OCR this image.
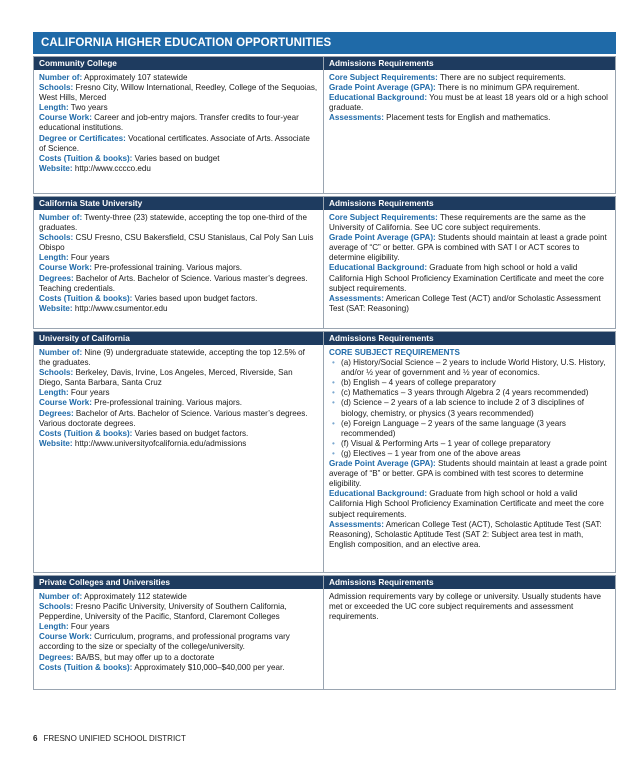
CALIFORNIA HIGHER EDUCATION OPPORTUNITIES
Community College

Number of: Approximately 107 statewide

Schools: Fresno City, Willow International, Reedley, College of the Sequoias, West Hills, Merced

Length: Two years

Course Work: Career and job-entry majors. Transfer credits to four-year educational institutions.

Degree or Certificates: Vocational certificates. Associate of Arts. Associate of Science.

Costs (Tuition & books): Varies based on budget

Website: http://www.cccco.edu

Admissions Requirements

Core Subject Requirements: There are no subject requirements.

Grade Point Average (GPA): There is no minimum GPA requirement.

Educational Background: You must be at least 18 years old or a high school graduate.

Assessments: Placement tests for English and mathematics.

California State University

Number of: Twenty-three (23) statewide, accepting the top one-third of the graduates.

Schools: CSU Fresno, CSU Bakersfield, CSU Stanislaus, Cal Poly San Luis Obispo

Length: Four years

Course Work: Pre-professional training. Various majors.

Degrees: Bachelor of Arts. Bachelor of Science. Various master’s degrees. Teaching credentials.

Costs (Tuition & books): Varies based upon budget factors.

Website: http://www.csumentor.edu

Admissions Requirements

Core Subject Requirements: These requirements are the same as the University of California. See UC core subject requirements.

Grade Point Average (GPA): Students should maintain at least a grade point average of “C” or better. GPA is combined with SAT I or ACT scores to determine eligibility.

Educational Background: Graduate from high school or hold a valid California High School Proficiency Examination Certificate and meet the core subject requirements.

Assessments: American College Test (ACT) and/or Scholastic Assessment Test (SAT: Reasoning)

University of California

Number of: Nine (9) undergraduate statewide, accepting the top 12.5% of the graduates.

Schools: Berkeley, Davis, Irvine, Los Angeles, Merced, Riverside, San Diego, Santa Barbara, Santa Cruz

Length: Four years

Course Work: Pre-professional training. Various majors.

Degrees: Bachelor of Arts. Bachelor of Science. Various master’s degrees. Various doctorate degrees.

Costs (Tuition & books): Varies based on budget factors.

Website: http://www.universityofcalifornia.edu/admissions

Admissions Requirements

CORE SUBJECT REQUIREMENTS

• (a) History/Social Science – 2 years to include World History, U.S. History, and/or ½ year of government and ½ year of economics.
• (b) English – 4 years of college preparatory
• (c) Mathematics – 3 years through Algebra 2 (4 years recommended)
• (d) Science – 2 years of a lab science to include 2 of 3 disciplines of biology, chemistry, or physics (3 years recommended)
• (e) Foreign Language – 2 years of the same language (3 years recommended)
• (f) Visual & Performing Arts – 1 year of college preparatory
• (g) Electives – 1 year from one of the above areas

Grade Point Average (GPA): Students should maintain at least a grade point average of “B” or better. GPA is combined with test scores to determine eligibility.

Educational Background: Graduate from high school or hold a valid California High School Proficiency Examination Certificate and meet the core subject requirements.

Assessments: American College Test (ACT), Scholastic Aptitude Test (SAT: Reasoning), Scholastic Aptitude Test (SAT 2: Subject area test in math, English composition, and an elective area.

Private Colleges and Universities

Number of: Approximately 112 statewide

Schools: Fresno Pacific University, University of Southern California, Pepperdine, University of the Pacific, Stanford, Claremont Colleges

Length: Four years

Course Work: Curriculum, programs, and professional programs vary according to the size or specialty of the college/university.

Degrees: BA/BS, but may offer up to a doctorate

Costs (Tuition & books): Approximately $10,000–$40,000 per year.

Admissions Requirements

Admission requirements vary by college or university. Usually students have met or exceeded the UC core subject requirements and assessment requirements.

6 FRESNO UNIFIED SCHOOL DISTRICT
